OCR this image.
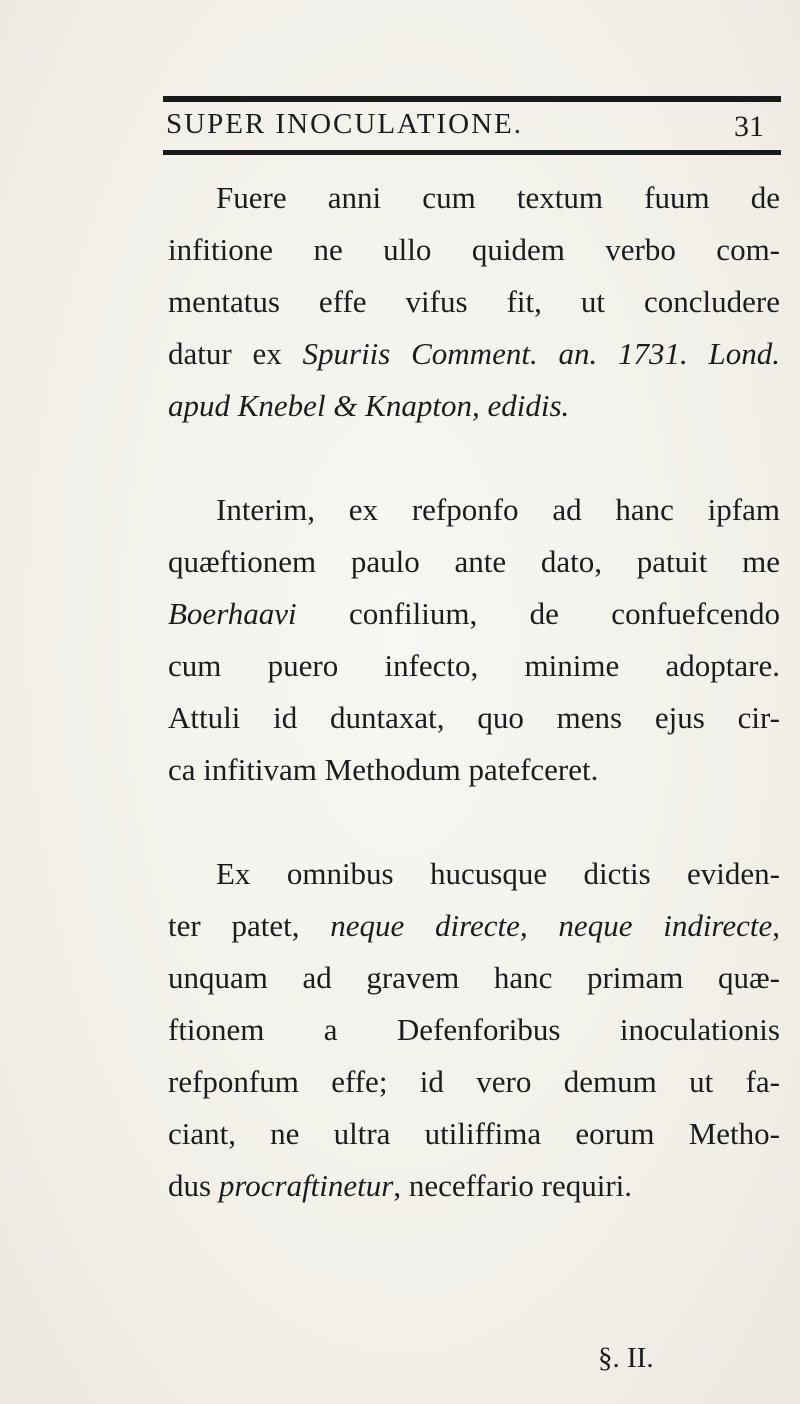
SUPER INOCULATIONE.	31
Fuere anni cum textum fuum de
infitione ne ullo quidem verbo com-
mentatus effe vifus fit, ut concludere
datur ex Spuriis Comment. an. 1731. Lond.
apud Knebel & Knapton, edidis.
Interim, ex refponfo ad hanc ipfam
quæftionem paulo ante dato, patuit me
Boerhaavi confilium, de confuefcendo
cum puero infecto, minime adoptare.
Attuli id duntaxat, quo mens ejus cir-
ca infitivam Methodum patefceret.
Ex omnibus hucusque dictis eviden-
ter patet, neque directe, neque indirecte,
unquam ad gravem hanc primam quæ-
ftionem a Defenforibus inoculationis
refponfum effe; id vero demum ut fa-
ciant, ne ultra utiliffima eorum Metho-
dus procraftinetur, neceffario requiri.
§. II.
